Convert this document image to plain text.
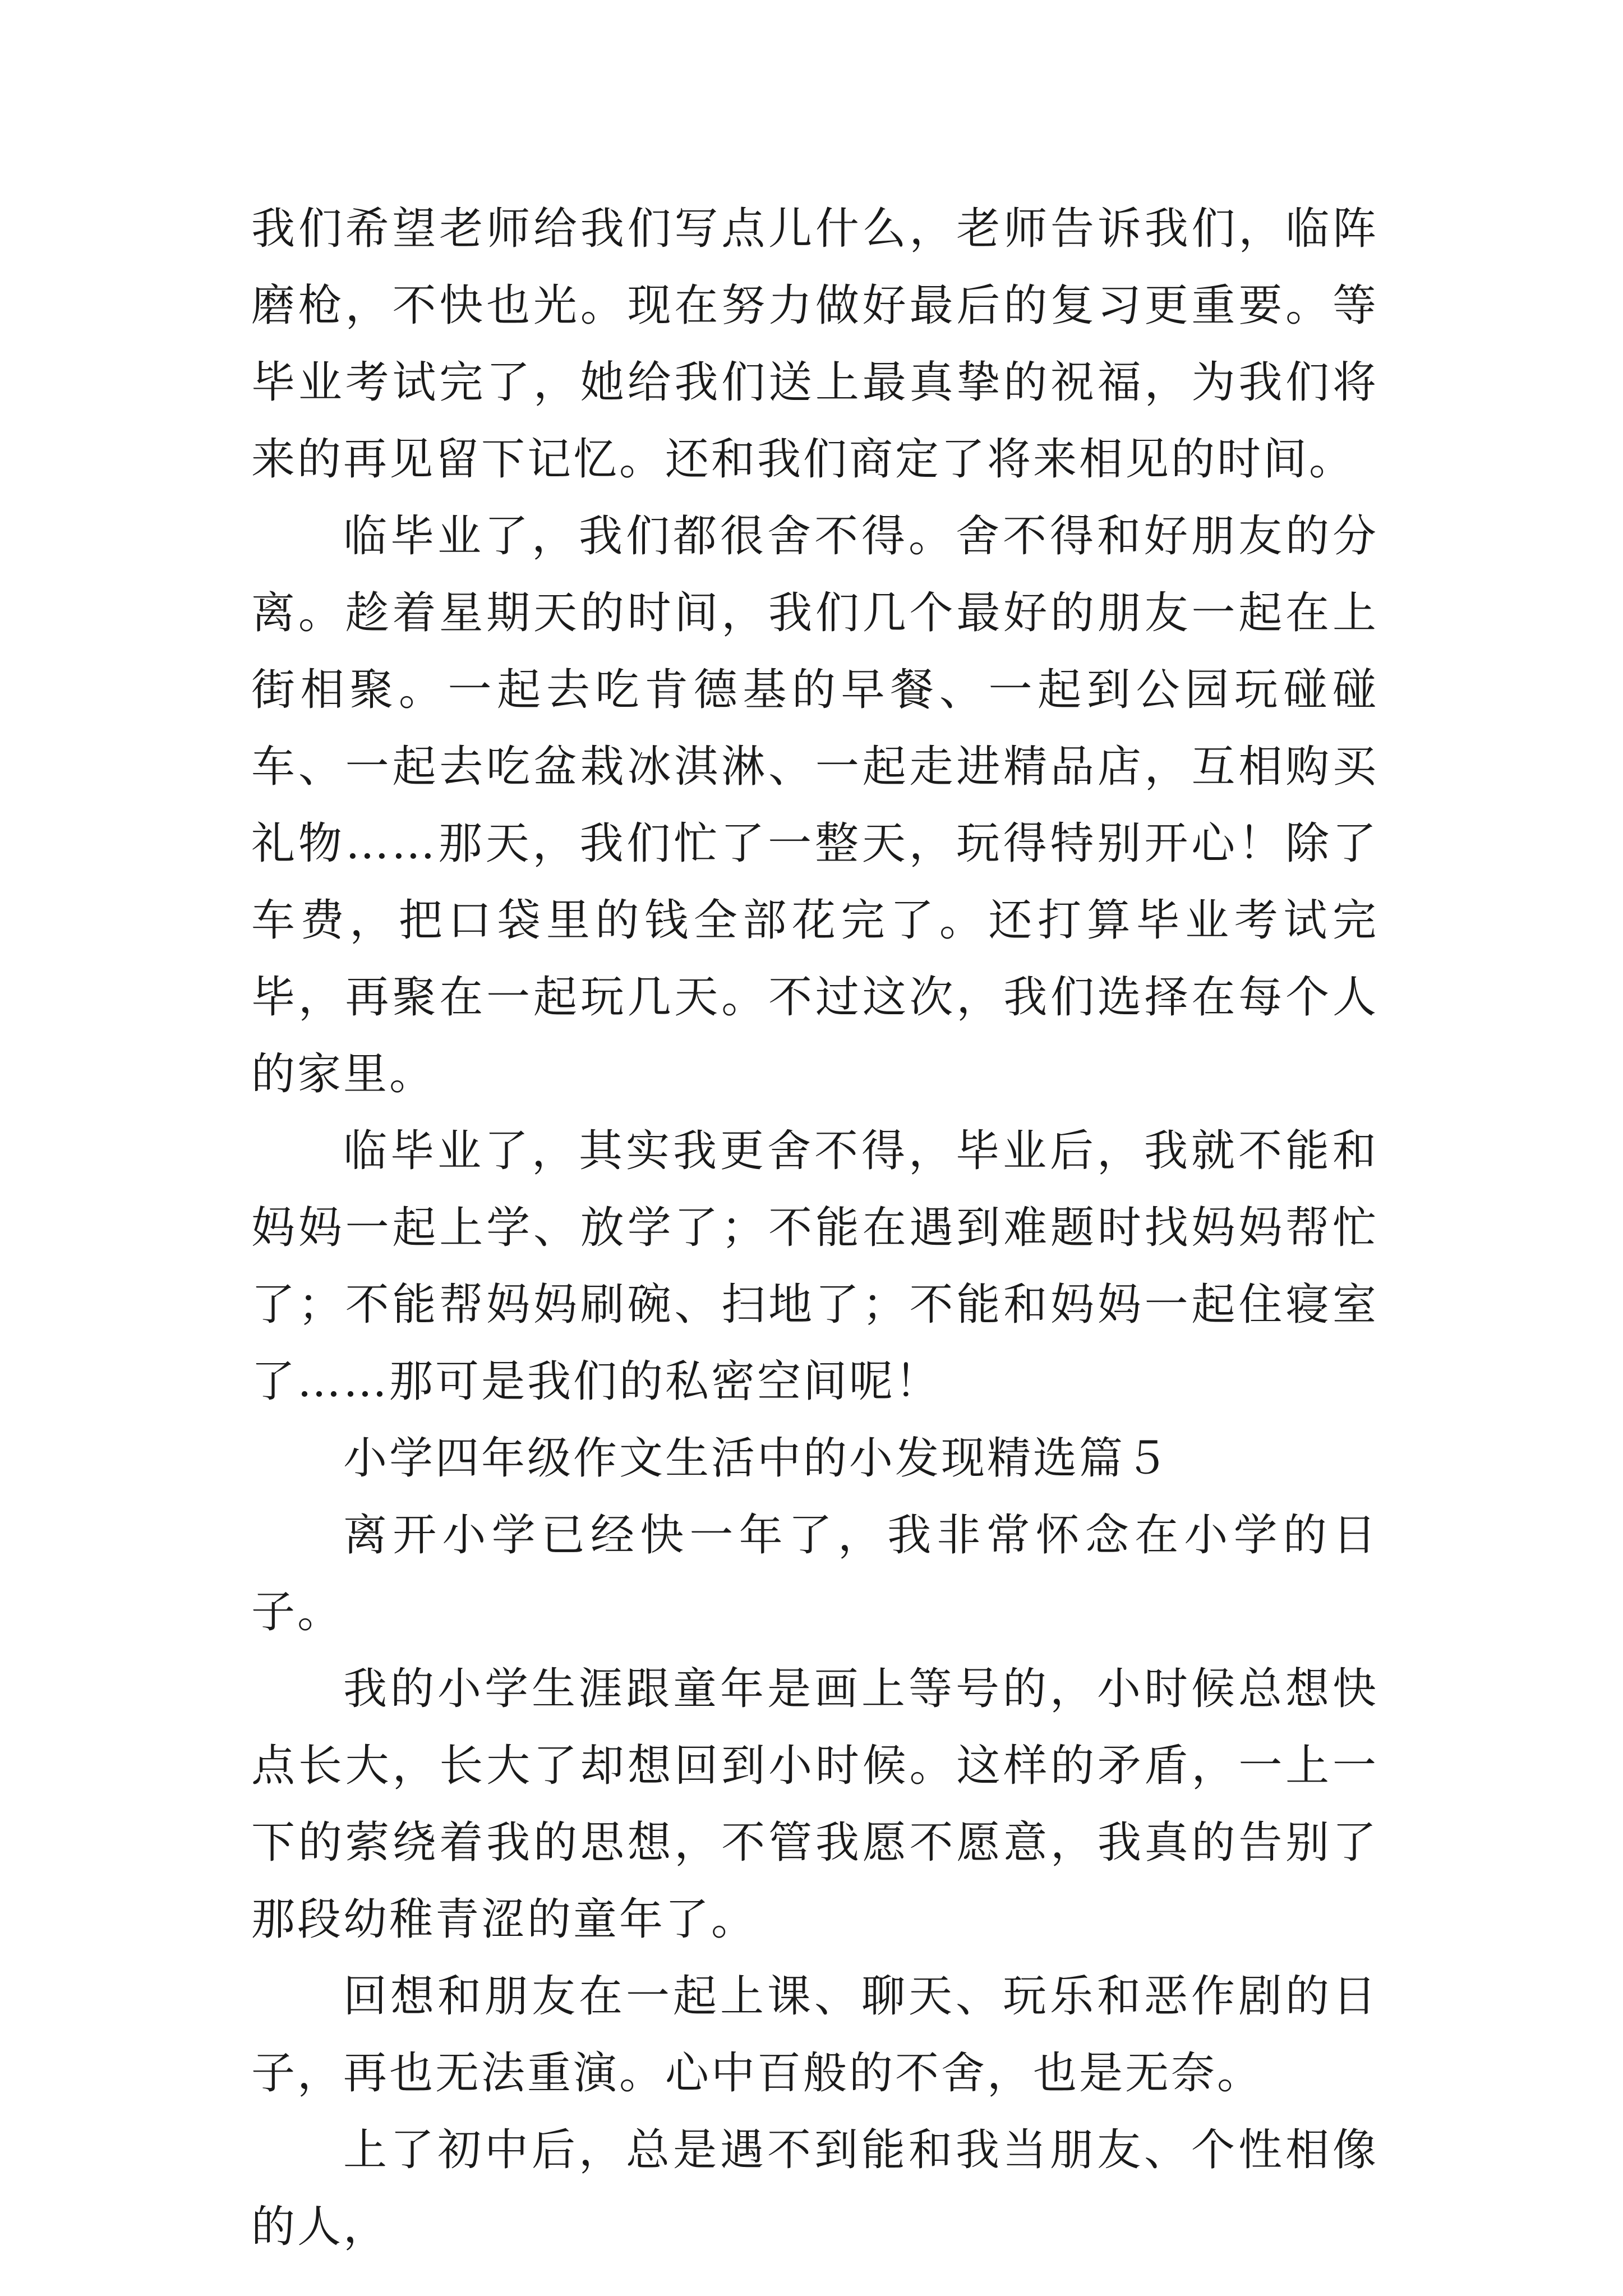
我们希望老师给我们写点儿什么，老师告诉我们，临阵磨枪，不快也光。现在努力做好最后的复习更重要。等毕业考试完了，她给我们送上最真挚的祝福，为我们将来的再见留下记忆。还和我们商定了将来相见的时间。

临毕业了，我们都很舍不得。舍不得和好朋友的分离。趁着星期天的时间，我们几个最好的朋友一起在上街相聚。一起去吃肯德基的早餐、一起到公园玩碰碰车、一起去吃盆栽冰淇淋、一起走进精品店，互相购买礼物……那天，我们忙了一整天，玩得特别开心！除了车费，把口袋里的钱全部花完了。还打算毕业考试完毕，再聚在一起玩几天。不过这次，我们选择在每个人的家里。

临毕业了，其实我更舍不得，毕业后，我就不能和妈妈一起上学、放学了；不能在遇到难题时找妈妈帮忙了；不能帮妈妈刷碗、扫地了；不能和妈妈一起住寝室了……那可是我们的私密空间呢！

小学四年级作文生活中的小发现精选篇５

离开小学已经快一年了，我非常怀念在小学的日子。

我的小学生涯跟童年是画上等号的，小时候总想快点长大，长大了却想回到小时候。这样的矛盾，一上一下的萦绕着我的思想，不管我愿不愿意，我真的告别了那段幼稚青涩的童年了。

回想和朋友在一起上课、聊天、玩乐和恶作剧的日子，再也无法重演。心中百般的不舍，也是无奈。

上了初中后，总是遇不到能和我当朋友、个性相像的人，
